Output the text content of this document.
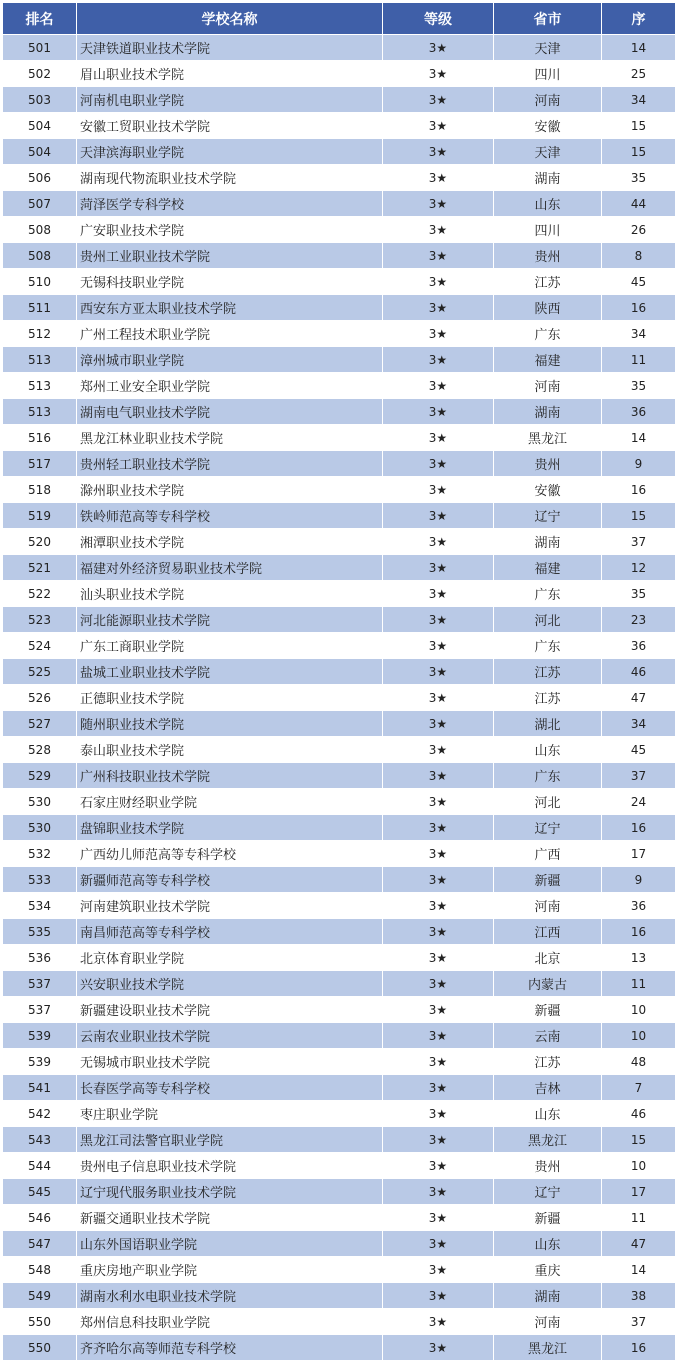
排名	学校名称	等级	省市	序
501	天津铁道职业技术学院	3★	天津	14
502	眉山职业技术学院	3★	四川	25
503	河南机电职业学院	3★	河南	34
504	安徽工贸职业技术学院	3★	安徽	15
504	天津滨海职业学院	3★	天津	15
506	湖南现代物流职业技术学院	3★	湖南	35
507	菏泽医学专科学校	3★	山东	44
508	广安职业技术学院	3★	四川	26
508	贵州工业职业技术学院	3★	贵州	8
510	无锡科技职业学院	3★	江苏	45
511	西安东方亚太职业技术学院	3★	陕西	16
512	广州工程技术职业学院	3★	广东	34
513	漳州城市职业学院	3★	福建	11
513	郑州工业安全职业学院	3★	河南	35
513	湖南电气职业技术学院	3★	湖南	36
516	黑龙江林业职业技术学院	3★	黑龙江	14
517	贵州轻工职业技术学院	3★	贵州	9
518	滁州职业技术学院	3★	安徽	16
519	铁岭师范高等专科学校	3★	辽宁	15
520	湘潭职业技术学院	3★	湖南	37
521	福建对外经济贸易职业技术学院	3★	福建	12
522	汕头职业技术学院	3★	广东	35
523	河北能源职业技术学院	3★	河北	23
524	广东工商职业学院	3★	广东	36
525	盐城工业职业技术学院	3★	江苏	46
526	正德职业技术学院	3★	江苏	47
527	随州职业技术学院	3★	湖北	34
528	泰山职业技术学院	3★	山东	45
529	广州科技职业技术学院	3★	广东	37
530	石家庄财经职业学院	3★	河北	24
530	盘锦职业技术学院	3★	辽宁	16
532	广西幼儿师范高等专科学校	3★	广西	17
533	新疆师范高等专科学校	3★	新疆	9
534	河南建筑职业技术学院	3★	河南	36
535	南昌师范高等专科学校	3★	江西	16
536	北京体育职业学院	3★	北京	13
537	兴安职业技术学院	3★	内蒙古	11
537	新疆建设职业技术学院	3★	新疆	10
539	云南农业职业技术学院	3★	云南	10
539	无锡城市职业技术学院	3★	江苏	48
541	长春医学高等专科学校	3★	吉林	7
542	枣庄职业学院	3★	山东	46
543	黑龙江司法警官职业学院	3★	黑龙江	15
544	贵州电子信息职业技术学院	3★	贵州	10
545	辽宁现代服务职业技术学院	3★	辽宁	17
546	新疆交通职业技术学院	3★	新疆	11
547	山东外国语职业学院	3★	山东	47
548	重庆房地产职业学院	3★	重庆	14
549	湖南水利水电职业技术学院	3★	湖南	38
550	郑州信息科技职业学院	3★	河南	37
550	齐齐哈尔高等师范专科学校	3★	黑龙江	16
